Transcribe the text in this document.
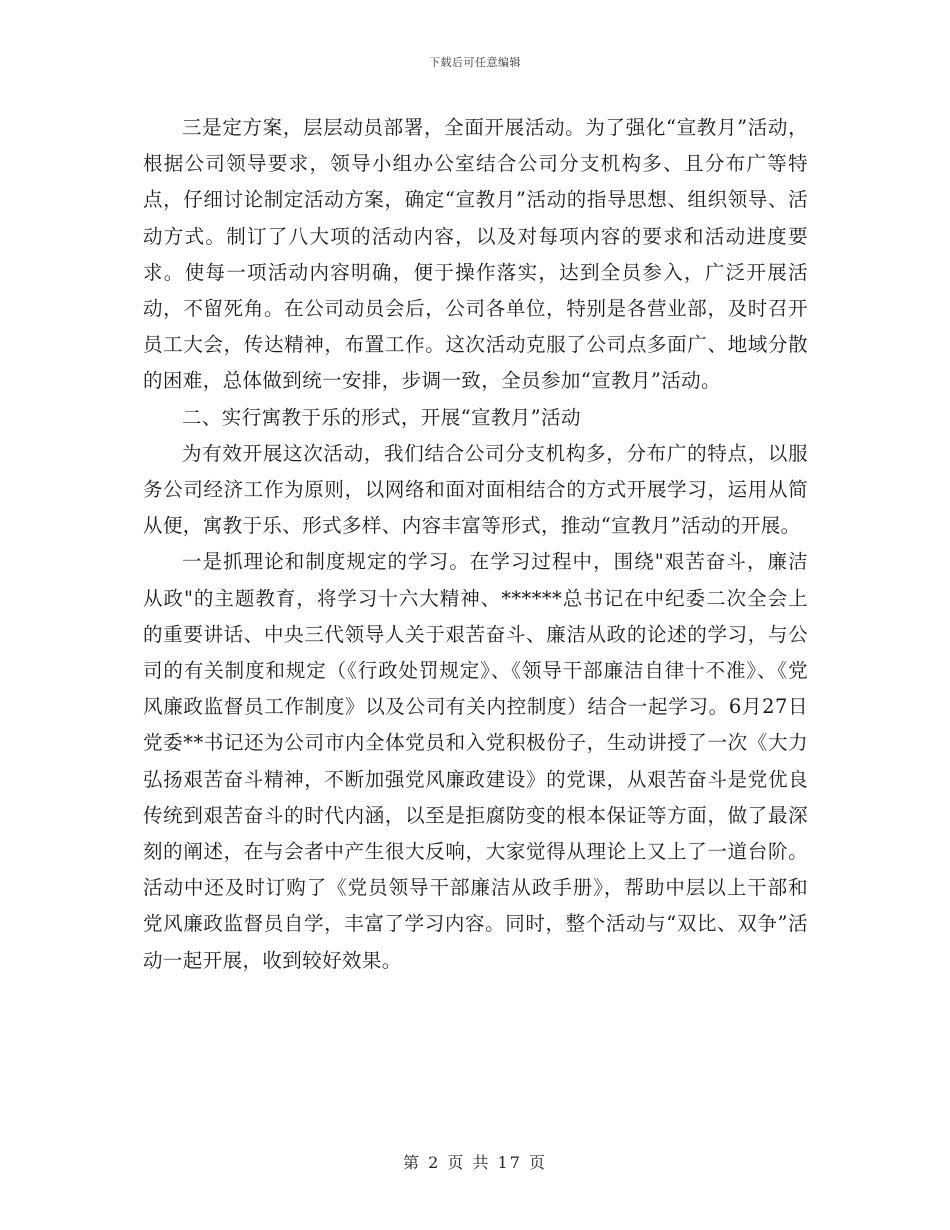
下载后可任意编辑

三是定方案，层层动员部署，全面开展活动。为了强化“宣教月”活动，根据公司领导要求，领导小组办公室结合公司分支机构多、且分布广等特点，仔细讨论制定活动方案，确定“宣教月”活动的指导思想、组织领导、活动方式。制订了八大项的活动内容，以及对每项内容的要求和活动进度要求。使每一项活动内容明确，便于操作落实，达到全员参入，广泛开展活动，不留死角。在公司动员会后，公司各单位，特别是各营业部，及时召开员工大会，传达精神，布置工作。这次活动克服了公司点多面广、地域分散的困难，总体做到统一安排，步调一致，全员参加“宣教月”活动。

二、实行寓教于乐的形式，开展“宣教月”活动

为有效开展这次活动，我们结合公司分支机构多，分布广的特点，以服务公司经济工作为原则，以网络和面对面相结合的方式开展学习，运用从简从便，寓教于乐、形式多样、内容丰富等形式，推动“宣教月”活动的开展。

一是抓理论和制度规定的学习。在学习过程中，围绕"艰苦奋斗，廉洁从政"的主题教育，将学习十六大精神、******总书记在中纪委二次全会上的重要讲话、中央三代领导人关于艰苦奋斗、廉洁从政的论述的学习，与公司的有关制度和规定（《行政处罚规定》、《领导干部廉洁自律十不准》、《党风廉政监督员工作制度》以及公司有关内控制度）结合一起学习。6月27日党委**书记还为公司市内全体党员和入党积极份子，生动讲授了一次《大力弘扬艰苦奋斗精神，不断加强党风廉政建设》的党课，从艰苦奋斗是党优良传统到艰苦奋斗的时代内涵，以至是拒腐防变的根本保证等方面，做了最深刻的阐述，在与会者中产生很大反响，大家觉得从理论上又上了一道台阶。活动中还及时订购了《党员领导干部廉洁从政手册》，帮助中层以上干部和党风廉政监督员自学，丰富了学习内容。同时，整个活动与“双比、双争”活动一起开展，收到较好效果。

第 2 页 共 17 页
